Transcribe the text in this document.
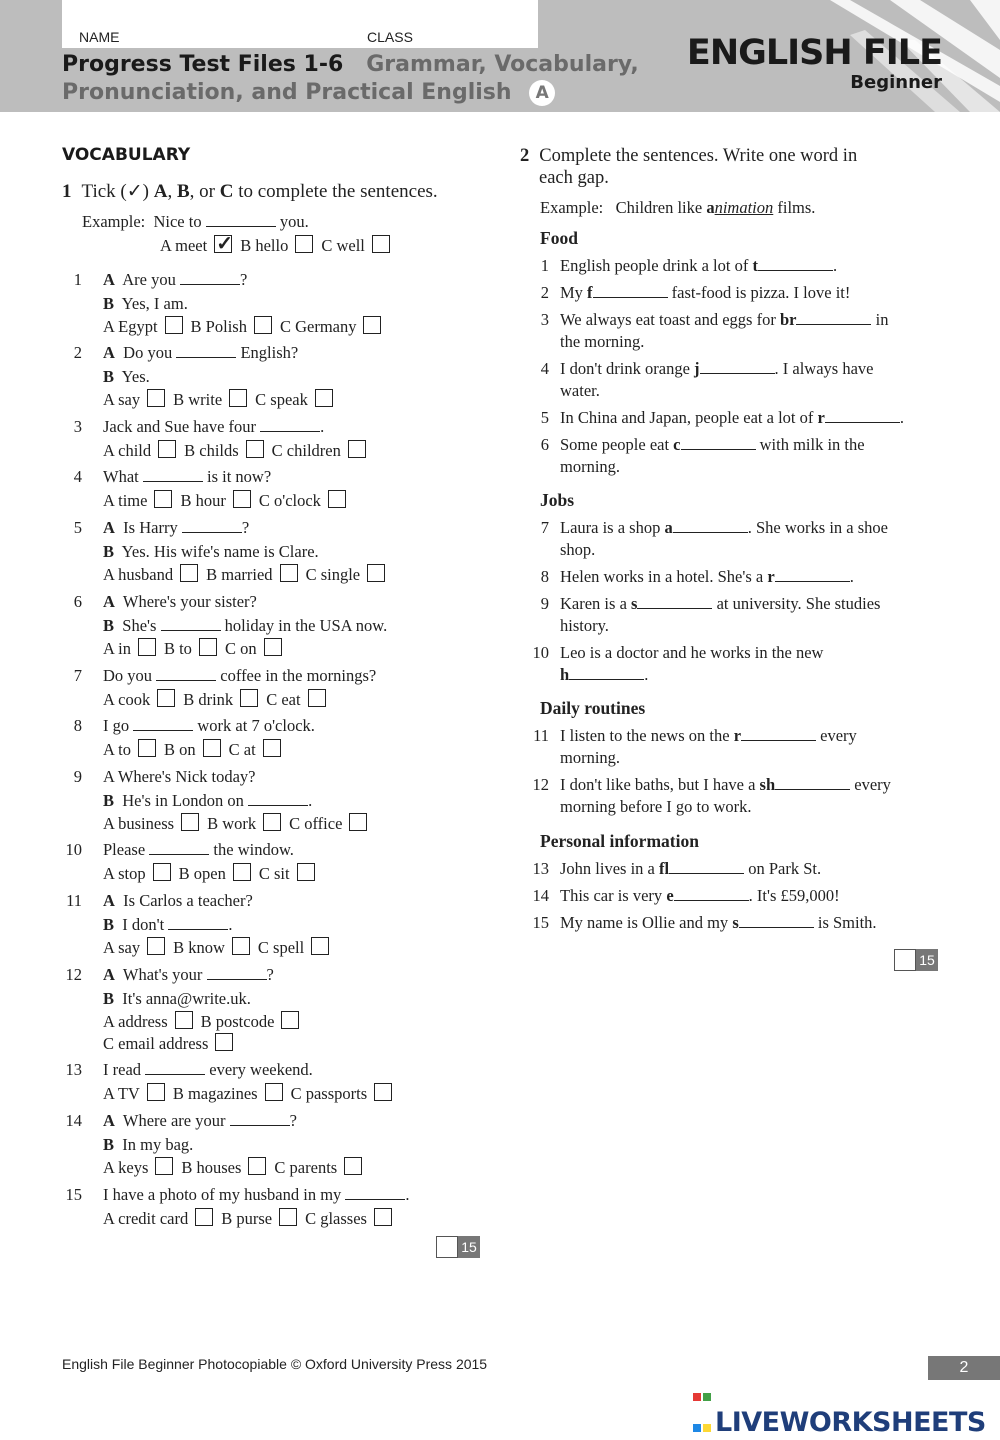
NAME	CLASS
Progress Test Files 1-6 Grammar, Vocabulary,
Pronunciation, and Practical English A
ENGLISH FILE
Beginner
VOCABULARY
1 Tick (✓) A, B, or C to complete the sentences.
Example: Nice to	you.
A meet ✓ B hello C well
1 A  Are you	?
B  Yes, I am.
A Egypt B Polish C Germany
2 A  Do you	English?
B  Yes.
A say B write C speak
3 Jack and Sue have four	.
A child B childs C children
4 What	is it now?
A time B hour C o'clock
5 A  Is Harry	?
B  Yes. His wife's name is Clare.
A husband B married C single
6 A  Where's your sister?
B  She's	holiday in the USA now.
A in B to C on
7 Do you	coffee in the mornings?
A cook B drink C eat
8 I go	work at 7 o'clock.
A to B on C at
9 A Where's Nick today?
B  He's in London on	.
A business B work C office
10 Please	the window.
A stop B open C sit
11 A  Is Carlos a teacher?
B  I don't	.
A say B know C spell
12 A  What's your	?
B  It's anna@write.uk.
A address B postcode
C email address
13 I read	every weekend.
A TV B magazines C passports
14 A  Where are your	?
B  In my bag.
A keys B houses C parents
15 I have a photo of my husband in my	.
A credit card B purse C glasses
15
2 Complete the sentences. Write one word in
each gap.
Example: Children like animation films.
Food
1 English people drink a lot of t	.
2 My f	fast-food is pizza. I love it!
3 We always eat toast and eggs for br	in
the morning.
4 I don't drink orange j	. I always have
water.
5 In China and Japan, people eat a lot of r	.
6 Some people eat c	with milk in the
morning.
Jobs
7 Laura is a shop a	. She works in a shoe
shop.
8 Helen works in a hotel. She's a r	.
9 Karen is a s	at university. She studies
history.
10 Leo is a doctor and he works in the new
h	.
Daily routines
11 I listen to the news on the r	every
morning.
12 I don't like baths, but I have a sh	every
morning before I go to work.
Personal information
13 John lives in a fl	on Park St.
14 This car is very e	. It's £59,000!
15 My name is Ollie and my s	is Smith.
15
English File Beginner Photocopiable © Oxford University Press 2015	2

LIVEWORKSHEETS
